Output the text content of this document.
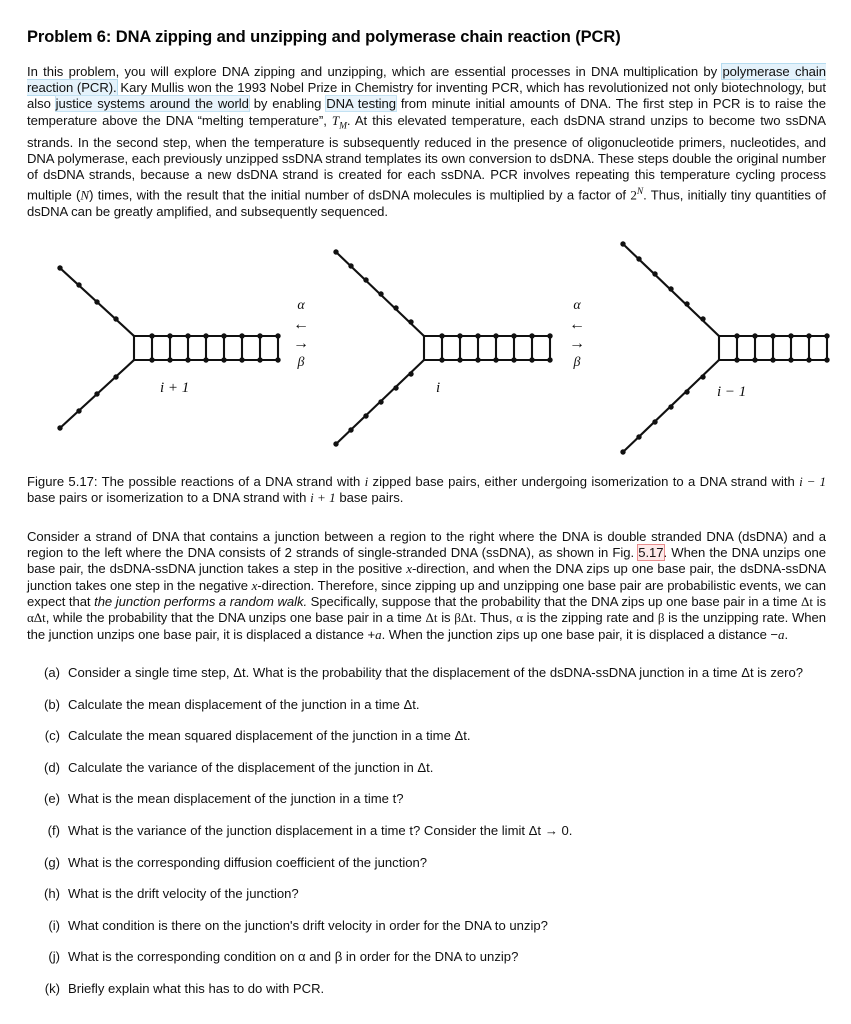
Problem 6: DNA zipping and unzipping and polymerase chain reaction (PCR)

In this problem, you will explore DNA zipping and unzipping, which are essential processes in DNA multiplication by polymerase chain reaction (PCR). Kary Mullis won the 1993 Nobel Prize in Chemistry for inventing PCR, which has revolutionized not only biotechnology, but also justice systems around the world by enabling DNA testing from minute initial amounts of DNA. The first step in PCR is to raise the temperature above the DNA “melting temperature”, $T_M$. At this elevated temperature, each dsDNA strand unzips to become two ssDNA strands. In the second step, when the temperature is subsequently reduced in the presence of oligonucleotide primers, nucleotides, and DNA polymerase, each previously unzipped ssDNA strand templates its own conversion to dsDNA. These steps double the original number of dsDNA strands, because a new dsDNA strand is created for each ssDNA. PCR involves repeating this temperature cycling process multiple (N) times, with the result that the initial number of dsDNA molecules is multiplied by a factor of $2^N$. Thus, initially tiny quantities of dsDNA can be greatly amplified, and subsequently sequenced.

i + 1
α
←
→
β
i
α
←
→
β
i − 1
Figure 5.17: The possible reactions of a DNA strand with i zipped base pairs, either undergoing isomerization to a DNA strand with i − 1 base pairs or isomerization to a DNA strand with i + 1 base pairs.

Consider a strand of DNA that contains a junction between a region to the right where the DNA is double stranded DNA (dsDNA) and a region to the left where the DNA consists of 2 strands of single-stranded DNA (ssDNA), as shown in Fig. 5.17. When the DNA unzips one base pair, the dsDNA-ssDNA junction takes a step in the positive x-direction, and when the DNA zips up one base pair, the dsDNA-ssDNA junction takes one step in the negative x-direction. Therefore, since zipping up and unzipping one base pair are probabilistic events, we can expect that the junction performs a random walk. Specifically, suppose that the probability that the DNA zips up one base pair in a time Δt is αΔt, while the probability that the DNA unzips one base pair in a time Δt is βΔt. Thus, α is the zipping rate and β is the unzipping rate. When the junction unzips one base pair, it is displaced a distance +a. When the junction zips up one base pair, it is displaced a distance −a.

(a) Consider a single time step, Δt. What is the probability that the displacement of the dsDNA-ssDNA junction in a time Δt is zero?
(b) Calculate the mean displacement of the junction in a time Δt.
(c) Calculate the mean squared displacement of the junction in a time Δt.
(d) Calculate the variance of the displacement of the junction in Δt.
(e) What is the mean displacement of the junction in a time t?
(f) What is the variance of the junction displacement in a time t? Consider the limit Δt → 0.
(g) What is the corresponding diffusion coefficient of the junction?
(h) What is the drift velocity of the junction?
(i) What condition is there on the junction's drift velocity in order for the DNA to unzip?
(j) What is the corresponding condition on α and β in order for the DNA to unzip?
(k) Briefly explain what this has to do with PCR.
